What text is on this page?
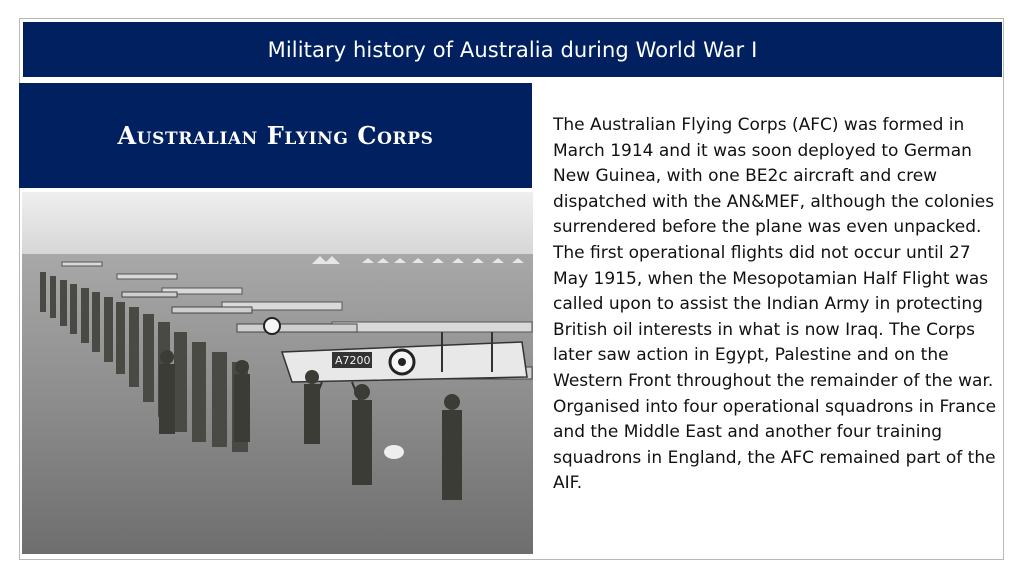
Military history of Australia during World War I
Australian Flying Corps
A7200

The Australian Flying Corps (AFC) was formed in March 1914 and it was soon deployed to German New Guinea, with one BE2c aircraft and crew dispatched with the AN&MEF, although the colonies surrendered before the plane was even unpacked. The first operational flights did not occur until 27 May 1915, when the Mesopotamian Half Flight was called upon to assist the Indian Army in protecting British oil interests in what is now Iraq. The Corps later saw action in Egypt, Palestine and on the Western Front throughout the remainder of the war. Organised into four operational squadrons in France and the Middle East and another four training squadrons in England, the AFC remained part of the AIF.
